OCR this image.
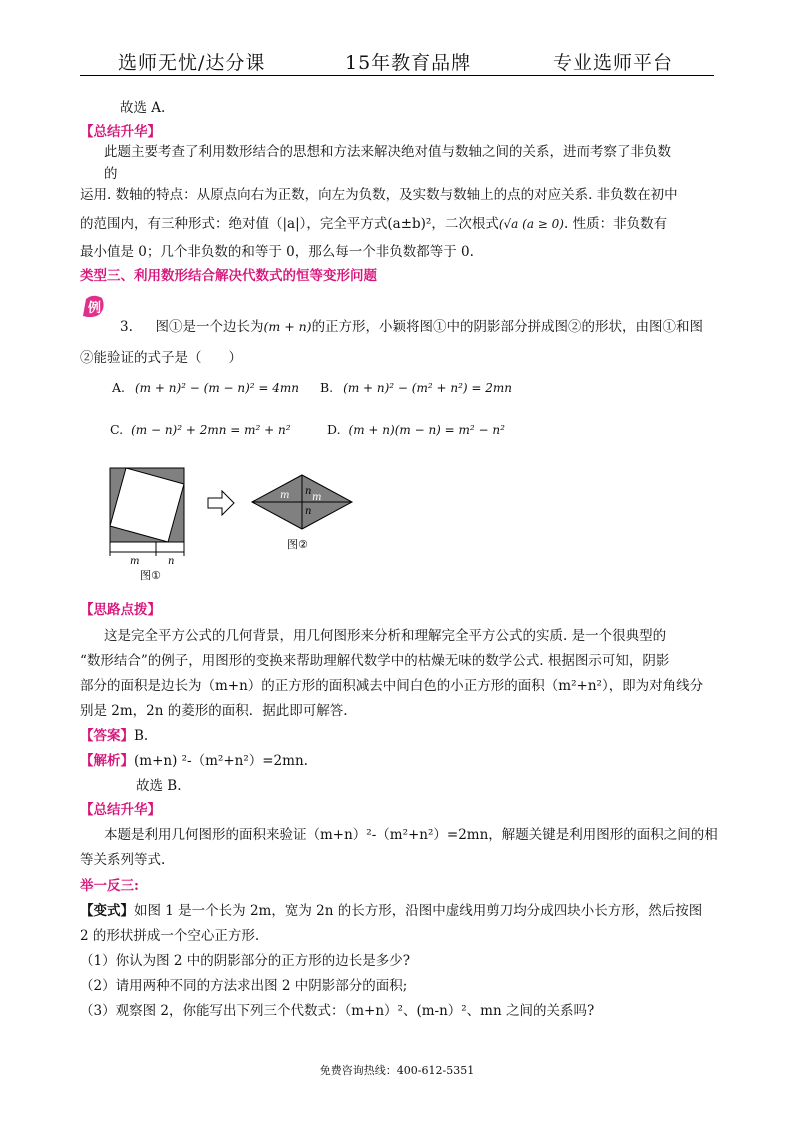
选师无忧/达分课	15年教育品牌	专业选师平台
故选 A.
【总结升华】
此题主要考查了利用数形结合的思想和方法来解决绝对值与数轴之间的关系，进而考察了非负数
的
运用. 数轴的特点：从原点向右为正数，向左为负数，及实数与数轴上的点的对应关系. 非负数在初中
的范围内，有三种形式：绝对值（|a|），完全平方式(a±b)²，二次根式(√a (a ≥ 0). 性质：非负数有
最小值是 0；几个非负数的和等于 0，那么每一个非负数都等于 0.
类型三、利用数形结合解决代数式的恒等变形问题
例
3. 图①是一个边长为(m + n)的正方形，小颖将图①中的阴影部分拼成图②的形状，由图①和图
②能验证的式子是（　　）
A. (m + n)² − (m − n)² = 4mn B. (m + n)² − (m² + n²) = 2mn
C. (m − n)² + 2mn = m² + n²	D. (m + n)(m − n) = m² − n²
m	n
图①
m n
m
n
图②
【思路点拨】
这是完全平方公式的几何背景，用几何图形来分析和理解完全平方公式的实质. 是一个很典型的
“数形结合”的例子，用图形的变换来帮助理解代数学中的枯燥无味的数学公式. 根据图示可知，阴影
部分的面积是边长为（m+n）的正方形的面积减去中间白色的小正方形的面积（m²+n²），即为对角线分
别是 2m，2n 的菱形的面积．据此即可解答.
【答案】B.
【解析】(m+n) ²-（m²+n²）=2mn.
故选 B.
【总结升华】
本题是利用几何图形的面积来验证（m+n）²-（m²+n²）=2mn，解题关键是利用图形的面积之间的相
等关系列等式.
举一反三:
【变式】如图 1 是一个长为 2m，宽为 2n 的长方形，沿图中虚线用剪刀均分成四块小长方形，然后按图
2 的形状拼成一个空心正方形.
（1）你认为图 2 中的阴影部分的正方形的边长是多少?
（2）请用两种不同的方法求出图 2 中阴影部分的面积;
（3）观察图 2，你能写出下列三个代数式：（m+n）²、(m-n）²、mn 之间的关系吗?
免费咨询热线：400-612-5351
